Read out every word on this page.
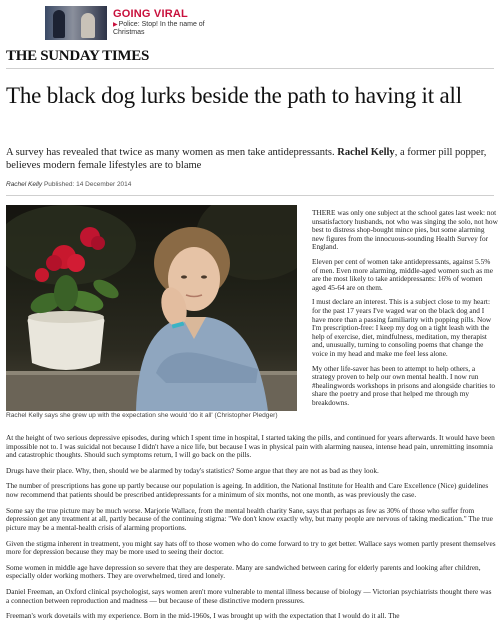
GOING VIRAL
▶Police: Stop! In the name of Christmas
THE SUNDAY TIMES
The black dog lurks beside the path to having it all

A survey has revealed that twice as many women as men take antidepressants. Rachel Kelly, a former pill popper, believes modern female lifestyles are to blame

Rachel Kelly Published: 14 December 2014
Rachel Kelly says she grew up with the expectation she would 'do it all' (Christopher Pledger)

THERE was only one subject at the school gates last week: not unsatisfactory husbands, not who was singing the solo, not how best to distress shop-bought mince pies, but some alarming new figures from the innocuous-sounding Health Survey for England.

Eleven per cent of women take antidepressants, against 5.5% of men. Even more alarming, middle-aged women such as me are the most likely to take antidepressants: 16% of women aged 45-64 are on them.

I must declare an interest. This is a subject close to my heart: for the past 17 years I've waged war on the black dog and I have more than a passing familiarity with popping pills. Now I'm prescription-free: I keep my dog on a tight leash with the help of exercise, diet, mindfulness, meditation, my therapist and, unusually, turning to consoling poems that change the voice in my head and make me feel less alone.

My other life-saver has been to attempt to help others, a strategy proven to help our own mental health. I now run #healingwords workshops in prisons and alongside charities to share the poetry and prose that helped me through my breakdowns.

At the height of two serious depressive episodes, during which I spent time in hospital, I started taking the pills, and continued for years afterwards. It would have been impossible not to. I was suicidal not because I didn't have a nice life, but because I was in physical pain with alarming nausea, intense head pain, unremitting insomnia and catastrophic thoughts. Should such symptoms return, I will go back on the pills.

Drugs have their place. Why, then, should we be alarmed by today's statistics? Some argue that they are not as bad as they look.

The number of prescriptions has gone up partly because our population is ageing. In addition, the National Institute for Health and Care Excellence (Nice) guidelines now recommend that patients should be prescribed antidepressants for a minimum of six months, not one month, as was previously the case.

Some say the true picture may be much worse. Marjorie Wallace, from the mental health charity Sane, says that perhaps as few as 30% of those who suffer from depression get any treatment at all, partly because of the continuing stigma: "We don't know exactly why, but many people are nervous of taking medication." The true picture may be a mental-health crisis of alarming proportions.

Given the stigma inherent in treatment, you might say hats off to those women who do come forward to try to get better. Wallace says women partly present themselves more for depression because they may be more used to seeing their doctor.

Some women in middle age have depression so severe that they are desperate. Many are sandwiched between caring for elderly parents and looking after children, especially older working mothers. They are overwhelmed, tired and lonely.

Daniel Freeman, an Oxford clinical psychologist, says women aren't more vulnerable to mental illness because of biology — Victorian psychiatrists thought there was a connection between reproduction and madness — but because of these distinctive modern pressures.

Freeman's work dovetails with my experience. Born in the mid-1960s, I was brought up with the expectation that I would do it all. The
